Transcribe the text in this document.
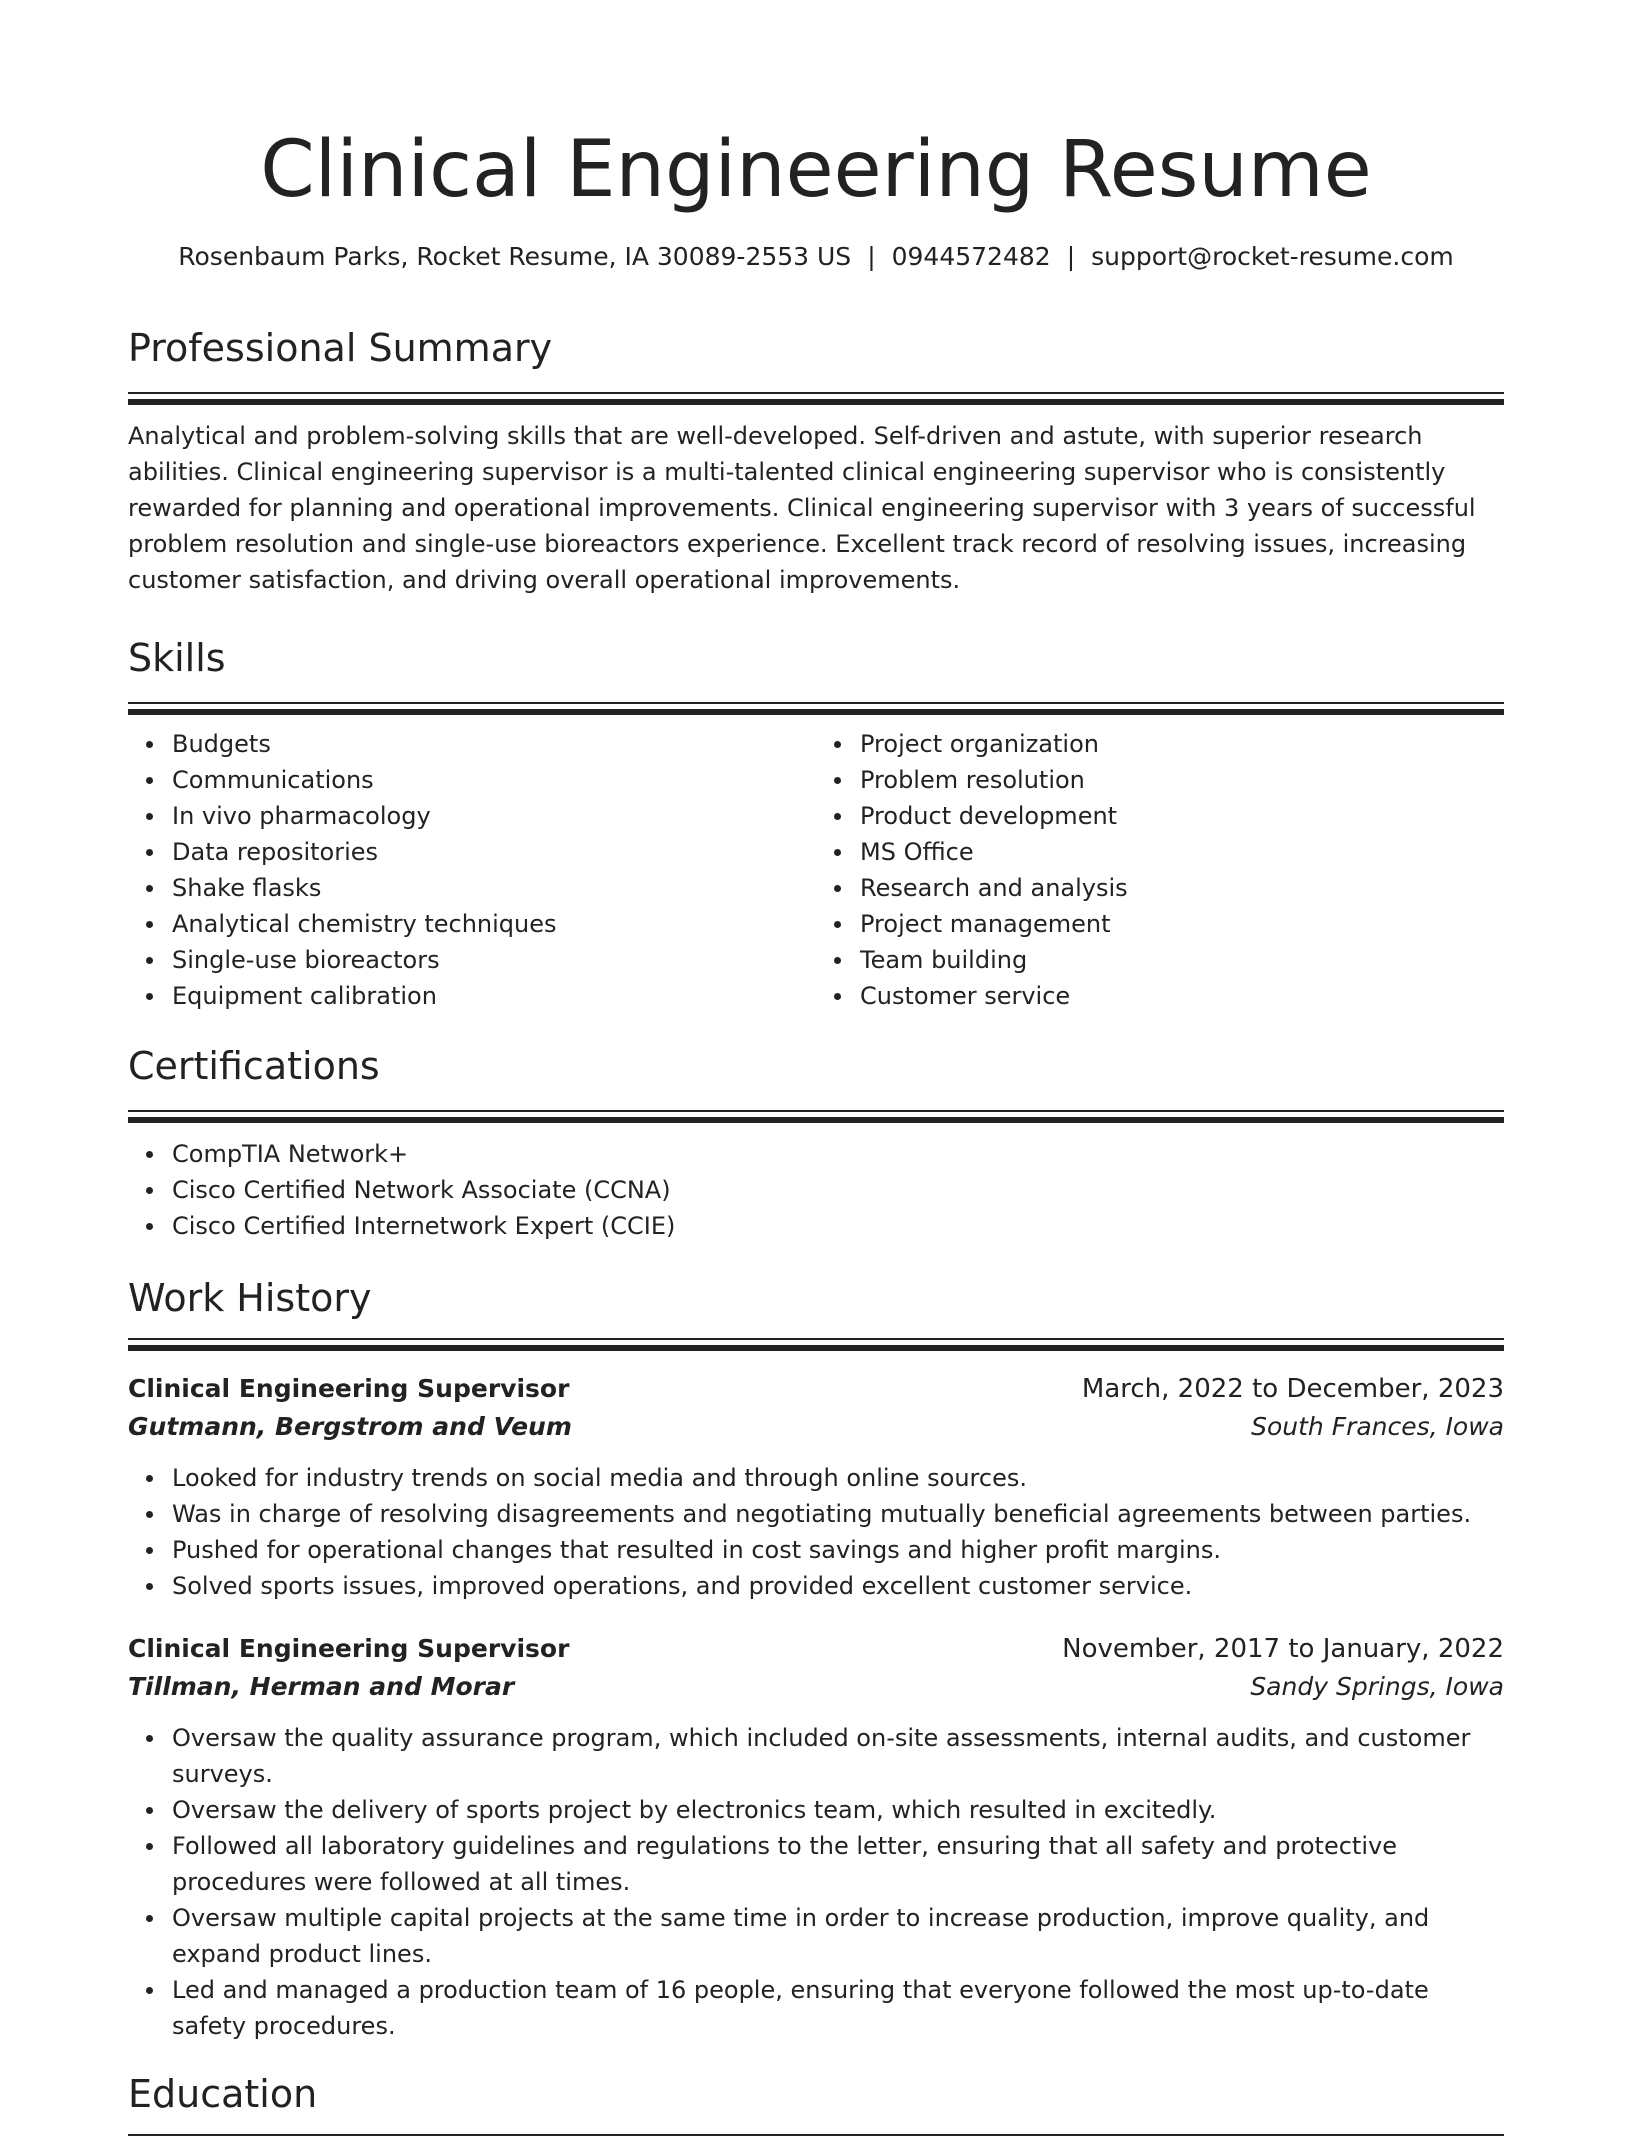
Clinical Engineering Resume
Rosenbaum Parks, Rocket Resume, IA 30089-2553 US | 0944572482 | support@rocket-resume.com
Professional Summary

Analytical and problem-solving skills that are well-developed. Self-driven and astute, with superior research abilities. Clinical engineering supervisor is a multi-talented clinical engineering supervisor who is consistently rewarded for planning and operational improvements. Clinical engineering supervisor with 3 years of successful problem resolution and single-use bioreactors experience. Excellent track record of resolving issues, increasing customer satisfaction, and driving overall operational improvements.

Skills
Budgets
Communications
In vivo pharmacology
Data repositories
Shake flasks
Analytical chemistry techniques
Single-use bioreactors
Equipment calibration
Project organization
Problem resolution
Product development
MS Office
Research and analysis
Project management
Team building
Customer service
Certifications
CompTIA Network+
Cisco Certified Network Associate (CCNA)
Cisco Certified Internetwork Expert (CCIE)
Work History
Clinical Engineering Supervisor	March, 2022 to December, 2023
Gutmann, Bergstrom and Veum	South Frances, Iowa
Looked for industry trends on social media and through online sources.
Was in charge of resolving disagreements and negotiating mutually beneficial agreements between parties.
Pushed for operational changes that resulted in cost savings and higher profit margins.
Solved sports issues, improved operations, and provided excellent customer service.
Clinical Engineering Supervisor	November, 2017 to January, 2022
Tillman, Herman and Morar	Sandy Springs, Iowa
Oversaw the quality assurance program, which included on-site assessments, internal audits, and customer surveys.
Oversaw the delivery of sports project by electronics team, which resulted in excitedly.
Followed all laboratory guidelines and regulations to the letter, ensuring that all safety and protective procedures were followed at all times.
Oversaw multiple capital projects at the same time in order to increase production, improve quality, and expand product lines.
Led and managed a production team of 16 people, ensuring that everyone followed the most up-to-date safety procedures.
Education
